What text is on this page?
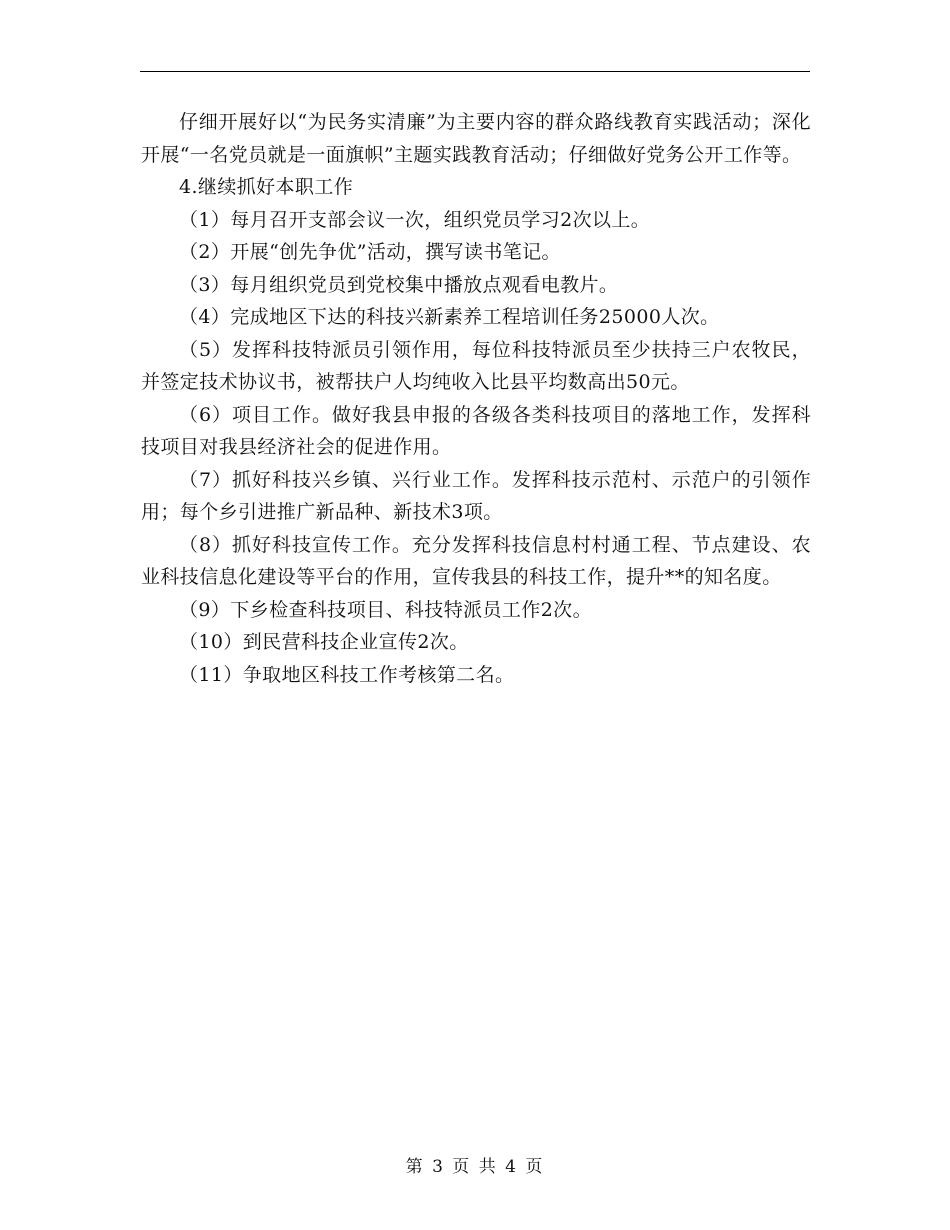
仔细开展好以“为民务实清廉”为主要内容的群众路线教育实践活动；深化开展“一名党员就是一面旗帜”主题实践教育活动；仔细做好党务公开工作等。

4.继续抓好本职工作

（1）每月召开支部会议一次，组织党员学习2次以上。

（2）开展“创先争优”活动，撰写读书笔记。

（3）每月组织党员到党校集中播放点观看电教片。

（4）完成地区下达的科技兴新素养工程培训任务25000人次。

（5）发挥科技特派员引领作用，每位科技特派员至少扶持三户农牧民，并签定技术协议书，被帮扶户人均纯收入比县平均数高出50元。

（6）项目工作。做好我县申报的各级各类科技项目的落地工作，发挥科技项目对我县经济社会的促进作用。

（7）抓好科技兴乡镇、兴行业工作。发挥科技示范村、示范户的引领作用；每个乡引进推广新品种、新技术3项。

（8）抓好科技宣传工作。充分发挥科技信息村村通工程、节点建设、农业科技信息化建设等平台的作用，宣传我县的科技工作，提升**的知名度。

（9）下乡检查科技项目、科技特派员工作2次。

（10）到民营科技企业宣传2次。

（11）争取地区科技工作考核第二名。

第 3 页 共 4 页
